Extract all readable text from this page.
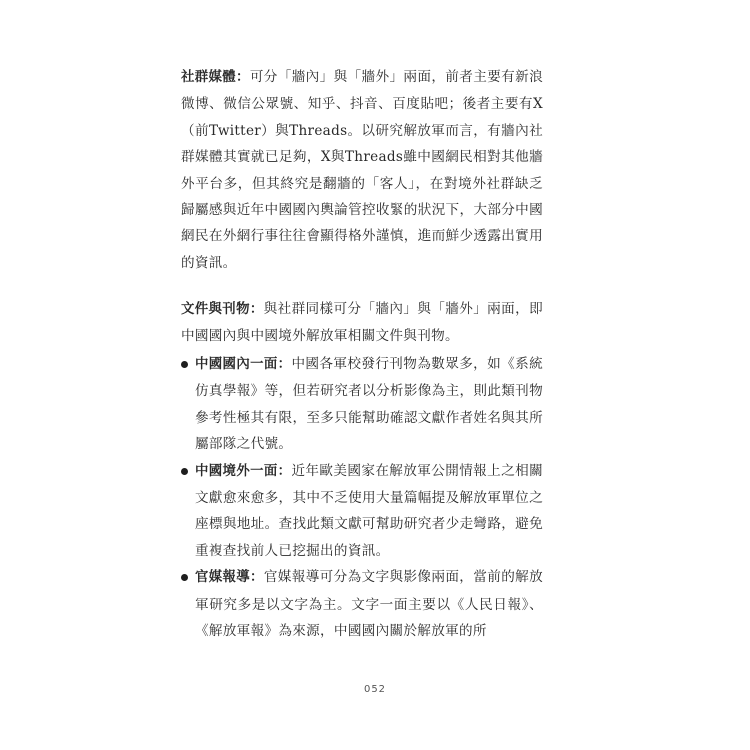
社群媒體：可分「牆內」與「牆外」兩面，前者主要有新浪微博、微信公眾號、知乎、抖音、百度貼吧；後者主要有X（前Twitter）與Threads。以研究解放軍而言，有牆內社群媒體其實就已足夠，X與Threads雖中國網民相對其他牆外平台多，但其終究是翻牆的「客人」，在對境外社群缺乏歸屬感與近年中國國內輿論管控收緊的狀況下，大部分中國網民在外網行事往往會顯得格外謹慎，進而鮮少透露出實用的資訊。

文件與刊物：與社群同樣可分「牆內」與「牆外」兩面，即中國國內與中國境外解放軍相關文件與刊物。

中國國內一面：中國各軍校發行刊物為數眾多，如《系統仿真學報》等，但若研究者以分析影像為主，則此類刊物參考性極其有限，至多只能幫助確認文獻作者姓名與其所屬部隊之代號。
中國境外一面：近年歐美國家在解放軍公開情報上之相關文獻愈來愈多，其中不乏使用大量篇幅提及解放軍單位之座標與地址。查找此類文獻可幫助研究者少走彎路，避免重複查找前人已挖掘出的資訊。
官媒報導：官媒報導可分為文字與影像兩面，當前的解放軍研究多是以文字為主。文字一面主要以《人民日報》、《解放軍報》為來源，中國國內關於解放軍的所
052
